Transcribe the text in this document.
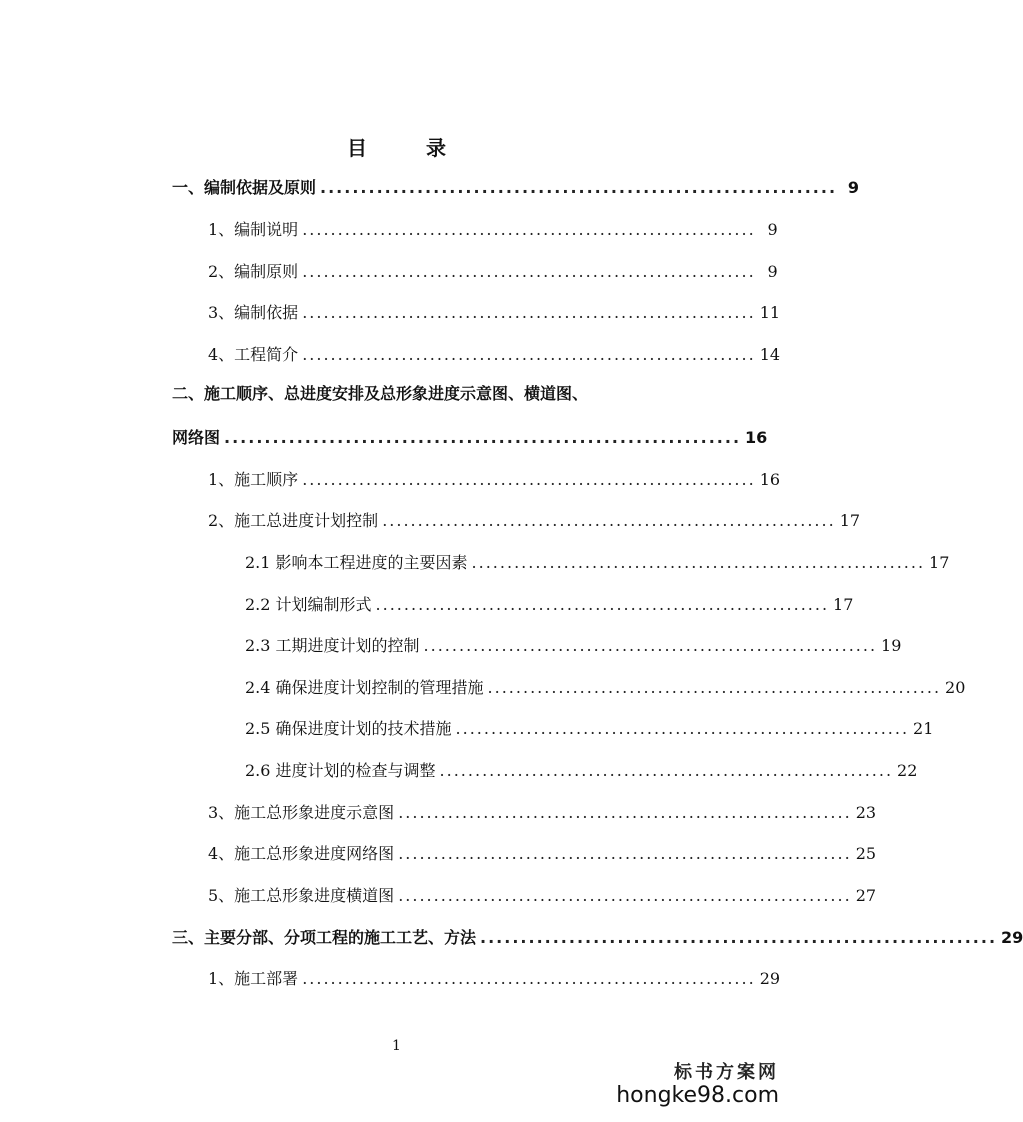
目 录
一、编制依据及原则 ................................................................ 9
1、编制说明 ................................................................ 9
2、编制原则 ................................................................ 9
3、编制依据 ................................................................ 11
4、工程简介 ................................................................ 14
二、施工顺序、总进度安排及总形象进度示意图、横道图、
网络图 ................................................................ 16
1、施工顺序 ................................................................ 16
2、施工总进度计划控制 ................................................................ 17
2.1 影响本工程进度的主要因素 ................................................................ 17
2.2 计划编制形式 ................................................................ 17
2.3 工期进度计划的控制 ................................................................ 19
2.4 确保进度计划控制的管理措施 ................................................................ 20
2.5 确保进度计划的技术措施 ................................................................ 21
2.6 进度计划的检查与调整 ................................................................ 22
3、施工总形象进度示意图 ................................................................ 23
4、施工总形象进度网络图 ................................................................ 25
5、施工总形象进度横道图 ................................................................ 27
三、主要分部、分项工程的施工工艺、方法 ................................................................ 29
1、施工部署 ................................................................ 29
1
标书方案网
hongke98.com
